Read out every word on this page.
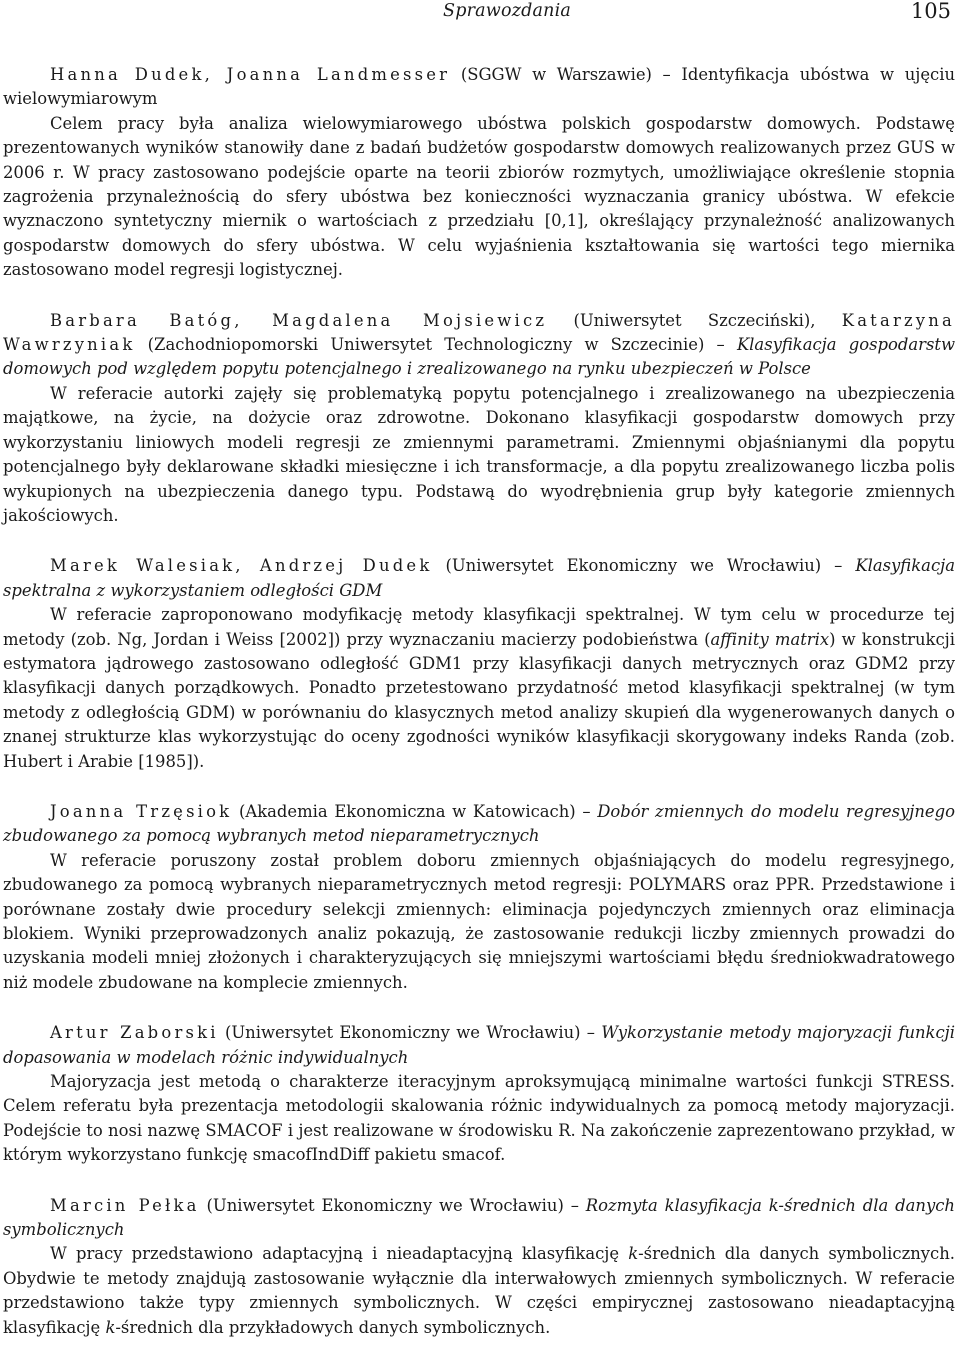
Sprawozdania	105

Hanna Dudek, Joanna Landmesser (SGGW w Warszawie) – Identyfikacja ubóstwa w ujęciu wielowymiarowym

Celem pracy była analiza wielowymiarowego ubóstwa polskich gospodarstw domowych. Podstawę prezentowanych wyników stanowiły dane z badań budżetów gospodarstw domowych realizowanych przez GUS w 2006 r. W pracy zastosowano podejście oparte na teorii zbiorów rozmytych, umożliwiające określenie stopnia zagrożenia przynależnością do sfery ubóstwa bez konieczności wyznaczania granicy ubóstwa. W efekcie wyznaczono syntetyczny miernik o wartościach z przedziału [0,1], określający przynależność analizowanych gospodarstw domowych do sfery ubóstwa. W celu wyjaśnienia kształtowania się wartości tego miernika zastosowano model regresji logistycznej.

Barbara Batóg, Magdalena Mojsiewicz (Uniwersytet Szczeciński), Katarzyna Wawrzyniak (Zachodniopomorski Uniwersytet Technologiczny w Szczecinie) – Klasyfikacja gospodarstw domowych pod względem popytu potencjalnego i zrealizowanego na rynku ubezpieczeń w Polsce

W referacie autorki zajęły się problematyką popytu potencjalnego i zrealizowanego na ubezpieczenia majątkowe, na życie, na dożycie oraz zdrowotne. Dokonano klasyfikacji gospodarstw domowych przy wykorzystaniu liniowych modeli regresji ze zmiennymi parametrami. Zmiennymi objaśnianymi dla popytu potencjalnego były deklarowane składki miesięczne i ich transformacje, a dla popytu zrealizowanego liczba polis wykupionych na ubezpieczenia danego typu. Podstawą do wyodrębnienia grup były kategorie zmiennych jakościowych.

Marek Walesiak, Andrzej Dudek (Uniwersytet Ekonomiczny we Wrocławiu) – Klasyfikacja spektralna z wykorzystaniem odległości GDM

W referacie zaproponowano modyfikację metody klasyfikacji spektralnej. W tym celu w procedurze tej metody (zob. Ng, Jordan i Weiss [2002]) przy wyznaczaniu macierzy podobieństwa (affinity matrix) w konstrukcji estymatora jądrowego zastosowano odległość GDM1 przy klasyfikacji danych metrycznych oraz GDM2 przy klasyfikacji danych porządkowych. Ponadto przetestowano przydatność metod klasyfikacji spektralnej (w tym metody z odległością GDM) w porównaniu do klasycznych metod analizy skupień dla wygenerowanych danych o znanej strukturze klas wykorzystując do oceny zgodności wyników klasyfikacji skorygowany indeks Randa (zob. Hubert i Arabie [1985]).

Joanna Trzęsiok (Akademia Ekonomiczna w Katowicach) – Dobór zmiennych do modelu regresyjnego zbudowanego za pomocą wybranych metod nieparametrycznych

W referacie poruszony został problem doboru zmiennych objaśniających do modelu regresyjnego, zbudowanego za pomocą wybranych nieparametrycznych metod regresji: POLYMARS oraz PPR. Przedstawione i porównane zostały dwie procedury selekcji zmiennych: eliminacja pojedynczych zmiennych oraz eliminacja blokiem. Wyniki przeprowadzonych analiz pokazują, że zastosowanie redukcji liczby zmiennych prowadzi do uzyskania modeli mniej złożonych i charakteryzujących się mniejszymi wartościami błędu średniokwadratowego niż modele zbudowane na komplecie zmiennych.

Artur Zaborski (Uniwersytet Ekonomiczny we Wrocławiu) – Wykorzystanie metody majoryzacji funkcji dopasowania w modelach różnic indywidualnych

Majoryzacja jest metodą o charakterze iteracyjnym aproksymującą minimalne wartości funkcji STRESS. Celem referatu była prezentacja metodologii skalowania różnic indywidualnych za pomocą metody majoryzacji. Podejście to nosi nazwę SMACOF i jest realizowane w środowisku R. Na zakończenie zaprezentowano przykład, w którym wykorzystano funkcję smacofIndDiff pakietu smacof.

Marcin Pełka (Uniwersytet Ekonomiczny we Wrocławiu) – Rozmyta klasyfikacja k-średnich dla danych symbolicznych

W pracy przedstawiono adaptacyjną i nieadaptacyjną klasyfikację k-średnich dla danych symbolicznych. Obydwie te metody znajdują zastosowanie wyłącznie dla interwałowych zmiennych symbolicznych. W referacie przedstawiono także typy zmiennych symbolicznych. W części empirycznej zastosowano nieadaptacyjną klasyfikację k-średnich dla przykładowych danych symbolicznych.
